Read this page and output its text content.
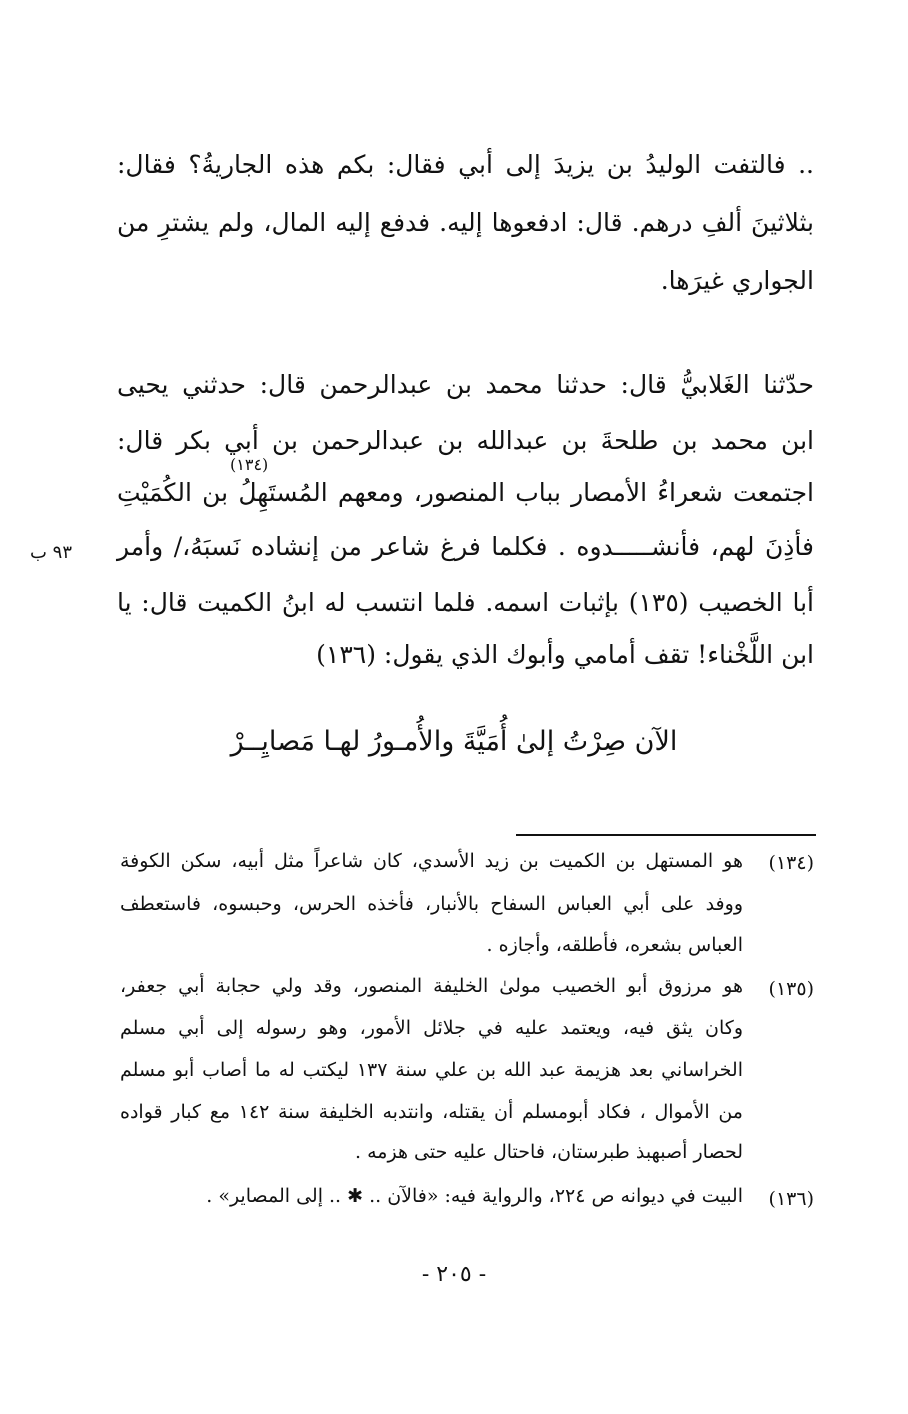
.. فالتفت الوليدُ بن يزيدَ إلى أبي فقال: بكم هذه الجاريةُ؟ فقال:
بثلاثينَ ألفِ درهم. قال: ادفعوها إليه. فدفع إليه المال، ولم يشترِ من
الجواري غيرَها.
حدّثنا الغَلابيُّ قال: حدثنا محمد بن عبدالرحمن قال: حدثني يحيى
ابن محمد بن طلحةَ بن عبدالله بن عبدالرحمن بن أبي بكر قال:
(١٣٤)
اجتمعت شعراءُ الأمصار بباب المنصور، ومعهم المُستَهِلُ بن الكُمَيْتِ
فأذِنَ لهم، فأنشـــــدوه . فكلما فرغ شاعر من إنشاده نَسبَهُ،/ وأمر
أبا الخصيب (١٣٥) بإثبات اسمه. فلما انتسب له ابنُ الكميت قال: يا
ابن اللَّخْناء! تقف أمامي وأبوك الذي يقول: (١٣٦)
٩٣ ب
الآن صِرْتُ إلىٰ أُمَيَّةَ والأُمـورُ لهـا مَصايِــرْ
(١٣٤)
هو المستهل بن الكميت بن زيد الأسدي، كان شاعراً مثل أبيه، سكن الكوفة
ووفد على أبي العباس السفاح بالأنبار، فأخذه الحرس، وحبسوه، فاستعطف
العباس بشعره، فأطلقه، وأجازه .
(١٣٥)
هو مرزوق أبو الخصيب مولىٰ الخليفة المنصور، وقد ولي حجابة أبي جعفر،
وكان يثق فيه، ويعتمد عليه في جلائل الأمور، وهو رسوله إلى أبي مسلم
الخراساني بعد هزيمة عبد الله بن علي سنة ١٣٧ ليكتب له ما أصاب أبو مسلم
من الأموال ، فكاد أبومسلم أن يقتله، وانتدبه الخليفة سنة ١٤٢ مع كبار قواده
لحصار أصبهبذ طبرستان، فاحتال عليه حتى هزمه .
(١٣٦)
البيت في ديوانه ص ٢٢٤، والرواية فيه: «فالآن .. ✱ .. إلى المصاير» .
- ٢٠٥ -
